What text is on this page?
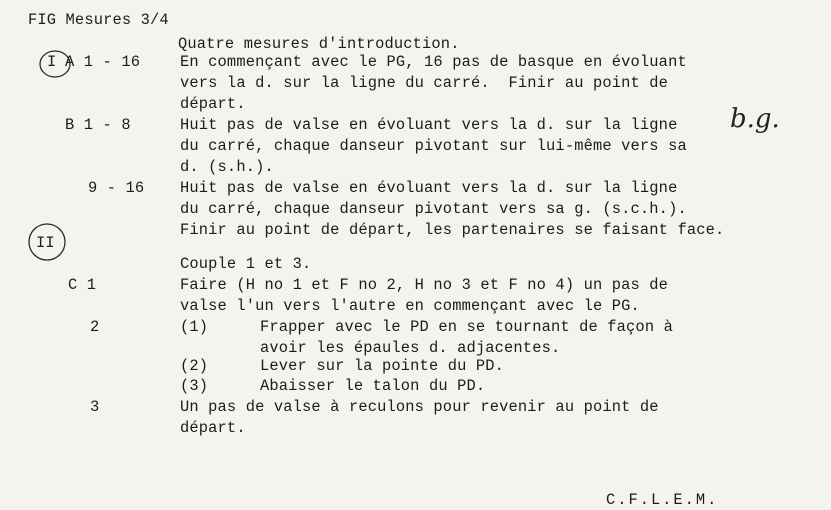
FIG Mesures 3/4
Quatre mesures d'introduction.
I A 1 - 16	En commençant avec le PG, 16 pas de basque en évoluant
vers la d. sur la ligne du carré.  Finir au point de
départ.
B 1 - 8	Huit pas de valse en évoluant vers la d. sur la ligne
du carré, chaque danseur pivotant sur lui-même vers sa
d. (s.h.).
b.g.
9 - 16 Huit pas de valse en évoluant vers la d. sur la ligne
du carré, chaque danseur pivotant vers sa g. (s.c.h.).
Finir au point de départ, les partenaires se faisant face.
II
Couple 1 et 3.
C 1	Faire (H no 1 et F no 2, H no 3 et F no 4) un pas de
valse l'un vers l'autre en commençant avec le PG.
2	(1)	Frapper avec le PD en se tournant de façon à
avoir les épaules d. adjacentes.
(2)	Lever sur la pointe du PD.
(3)	Abaisser le talon du PD.
3	Un pas de valse à reculons pour revenir au point de
départ.
C.F.L.E.M.
